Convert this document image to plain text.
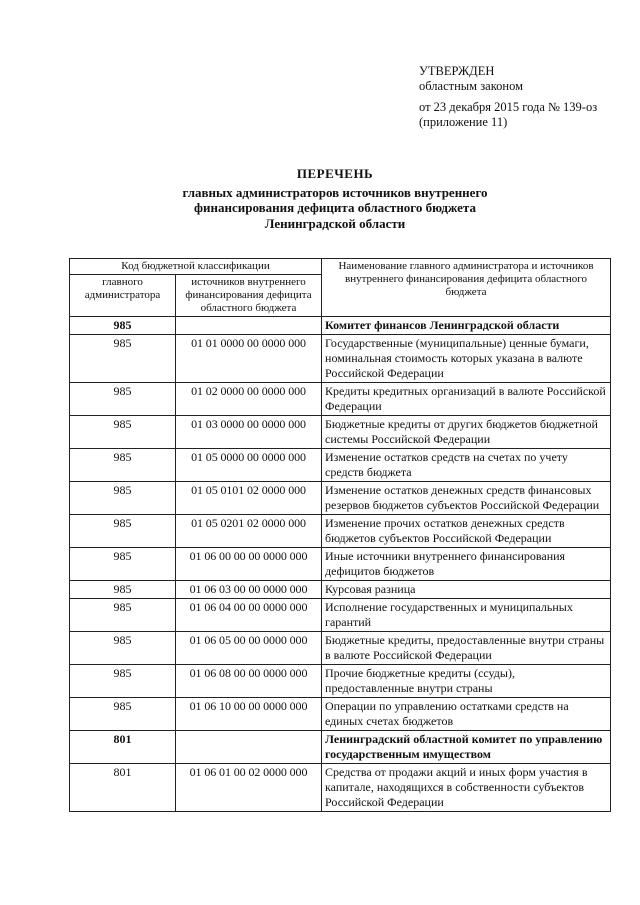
УТВЕРЖДЕН
областным законом
от 23 декабря 2015 года № 139-оз
(приложение 11)
ПЕРЕЧЕНЬ
главных администраторов источников внутреннего
финансирования дефицита областного бюджета
Ленинградской области
Код бюджетной классификации		Наименование главного администратора и источников внутреннего финансирования дефицита областного бюджета
главного администратора	источников внутреннего финансирования дефицита областного бюджета	
985		Комитет финансов Ленинградской области
985	01 01 0000 00 0000 000	Государственные (муниципальные) ценные бумаги, номинальная стоимость которых указана в валюте Российской Федерации
985	01 02 0000 00 0000 000	Кредиты кредитных организаций в валюте Российской Федерации
985	01 03 0000 00 0000 000	Бюджетные кредиты от других бюджетов бюджетной системы Российской Федерации
985	01 05 0000 00 0000 000	Изменение остатков средств на счетах по учету средств бюджета
985	01 05 0101 02 0000 000	Изменение остатков денежных средств финансовых резервов бюджетов субъектов Российской Федерации
985	01 05 0201 02 0000 000	Изменение прочих остатков денежных средств бюджетов субъектов Российской Федерации
985	01 06 00 00 00 0000 000	Иные источники внутреннего финансирования дефицитов бюджетов
985	01 06 03 00 00 0000 000	Курсовая разница
985	01 06 04 00 00 0000 000	Исполнение государственных и муниципальных гарантий
985	01 06 05 00 00 0000 000	Бюджетные кредиты, предоставленные внутри страны в валюте Российской Федерации
985	01 06 08 00 00 0000 000	Прочие бюджетные кредиты (ссуды), предоставленные внутри страны
985	01 06 10 00 00 0000 000	Операции по управлению остатками средств на единых счетах бюджетов
801		Ленинградский областной комитет по управлению государственным имуществом
801	01 06 01 00 02 0000 000	Средства от продажи акций и иных форм участия в капитале, находящихся в собственности субъектов Российской Федерации
